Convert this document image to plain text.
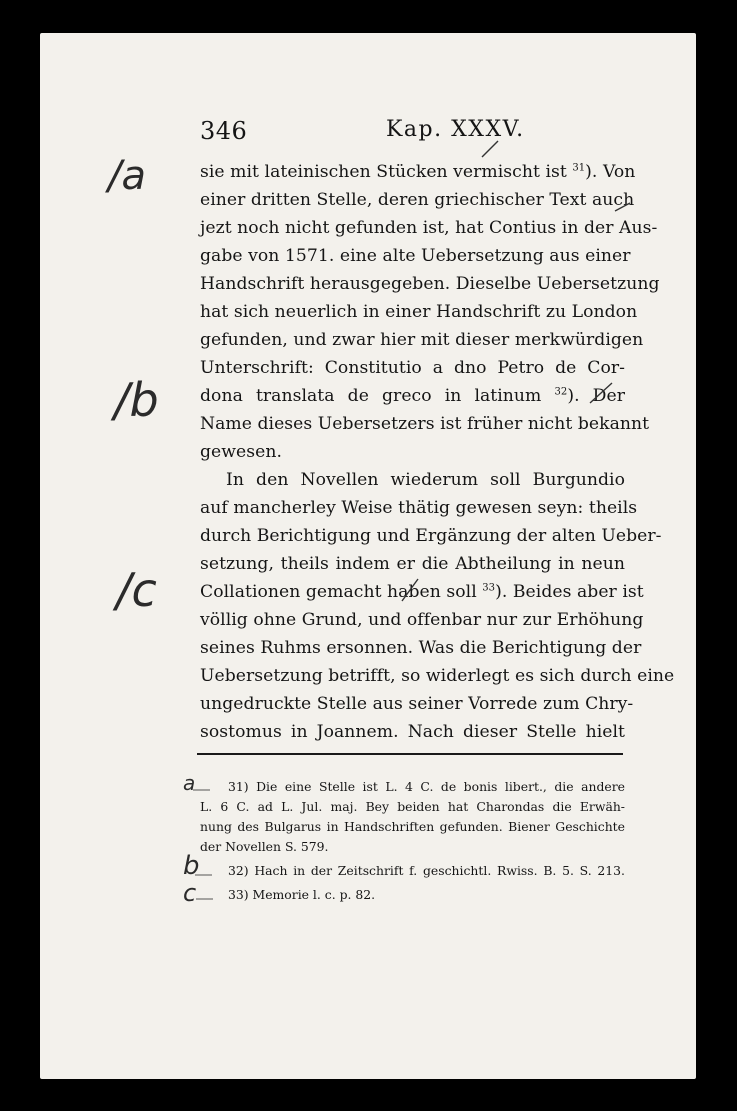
346	Kap. XXXV.
sie mit lateinischen Stücken vermischt ist $^{31}$). Von
einer dritten Stelle, deren griechischer Text auch
jezt noch nicht gefunden ist, hat Contius in der Aus-
gabe von 1571. eine alte Uebersetzung aus einer
Handschrift herausgegeben. Dieselbe Uebersetzung
hat sich neuerlich in einer Handschrift zu London
gefunden, und zwar hier mit dieser merkwürdigen
Unterschrift: Constitutio a dno Petro de Cor-
dona translata de greco in latinum $^{32}$). Der
Name dieses Uebersetzers ist früher nicht bekannt
gewesen.
In den Novellen wiederum soll Burgundio
auf mancherley Weise thätig gewesen seyn: theils
durch Berichtigung und Ergänzung der alten Ueber-
setzung, theils indem er die Abtheilung in neun
Collationen gemacht haben soll $^{33}$). Beides aber ist
völlig ohne Grund, und offenbar nur zur Erhöhung
seines Ruhms ersonnen. Was die Berichtigung der
Uebersetzung betrifft, so widerlegt es sich durch eine
ungedruckte Stelle aus seiner Vorrede zum Chry-
sostomus in Joannem. Nach dieser Stelle hielt
31) Die eine Stelle ist L. 4 C. de bonis libert., die andere
L. 6 C. ad L. Jul. maj. Bey beiden hat Charondas die Erwäh-
nung des Bulgarus in Handschriften gefunden. Biener Geschichte
der Novellen S. 579.
32) Hach in der Zeitschrift f. geschichtl. Rwiss. B. 5. S. 213.
33) Memorie l. c. p. 82.
/a
/b
/c
a
b
c
